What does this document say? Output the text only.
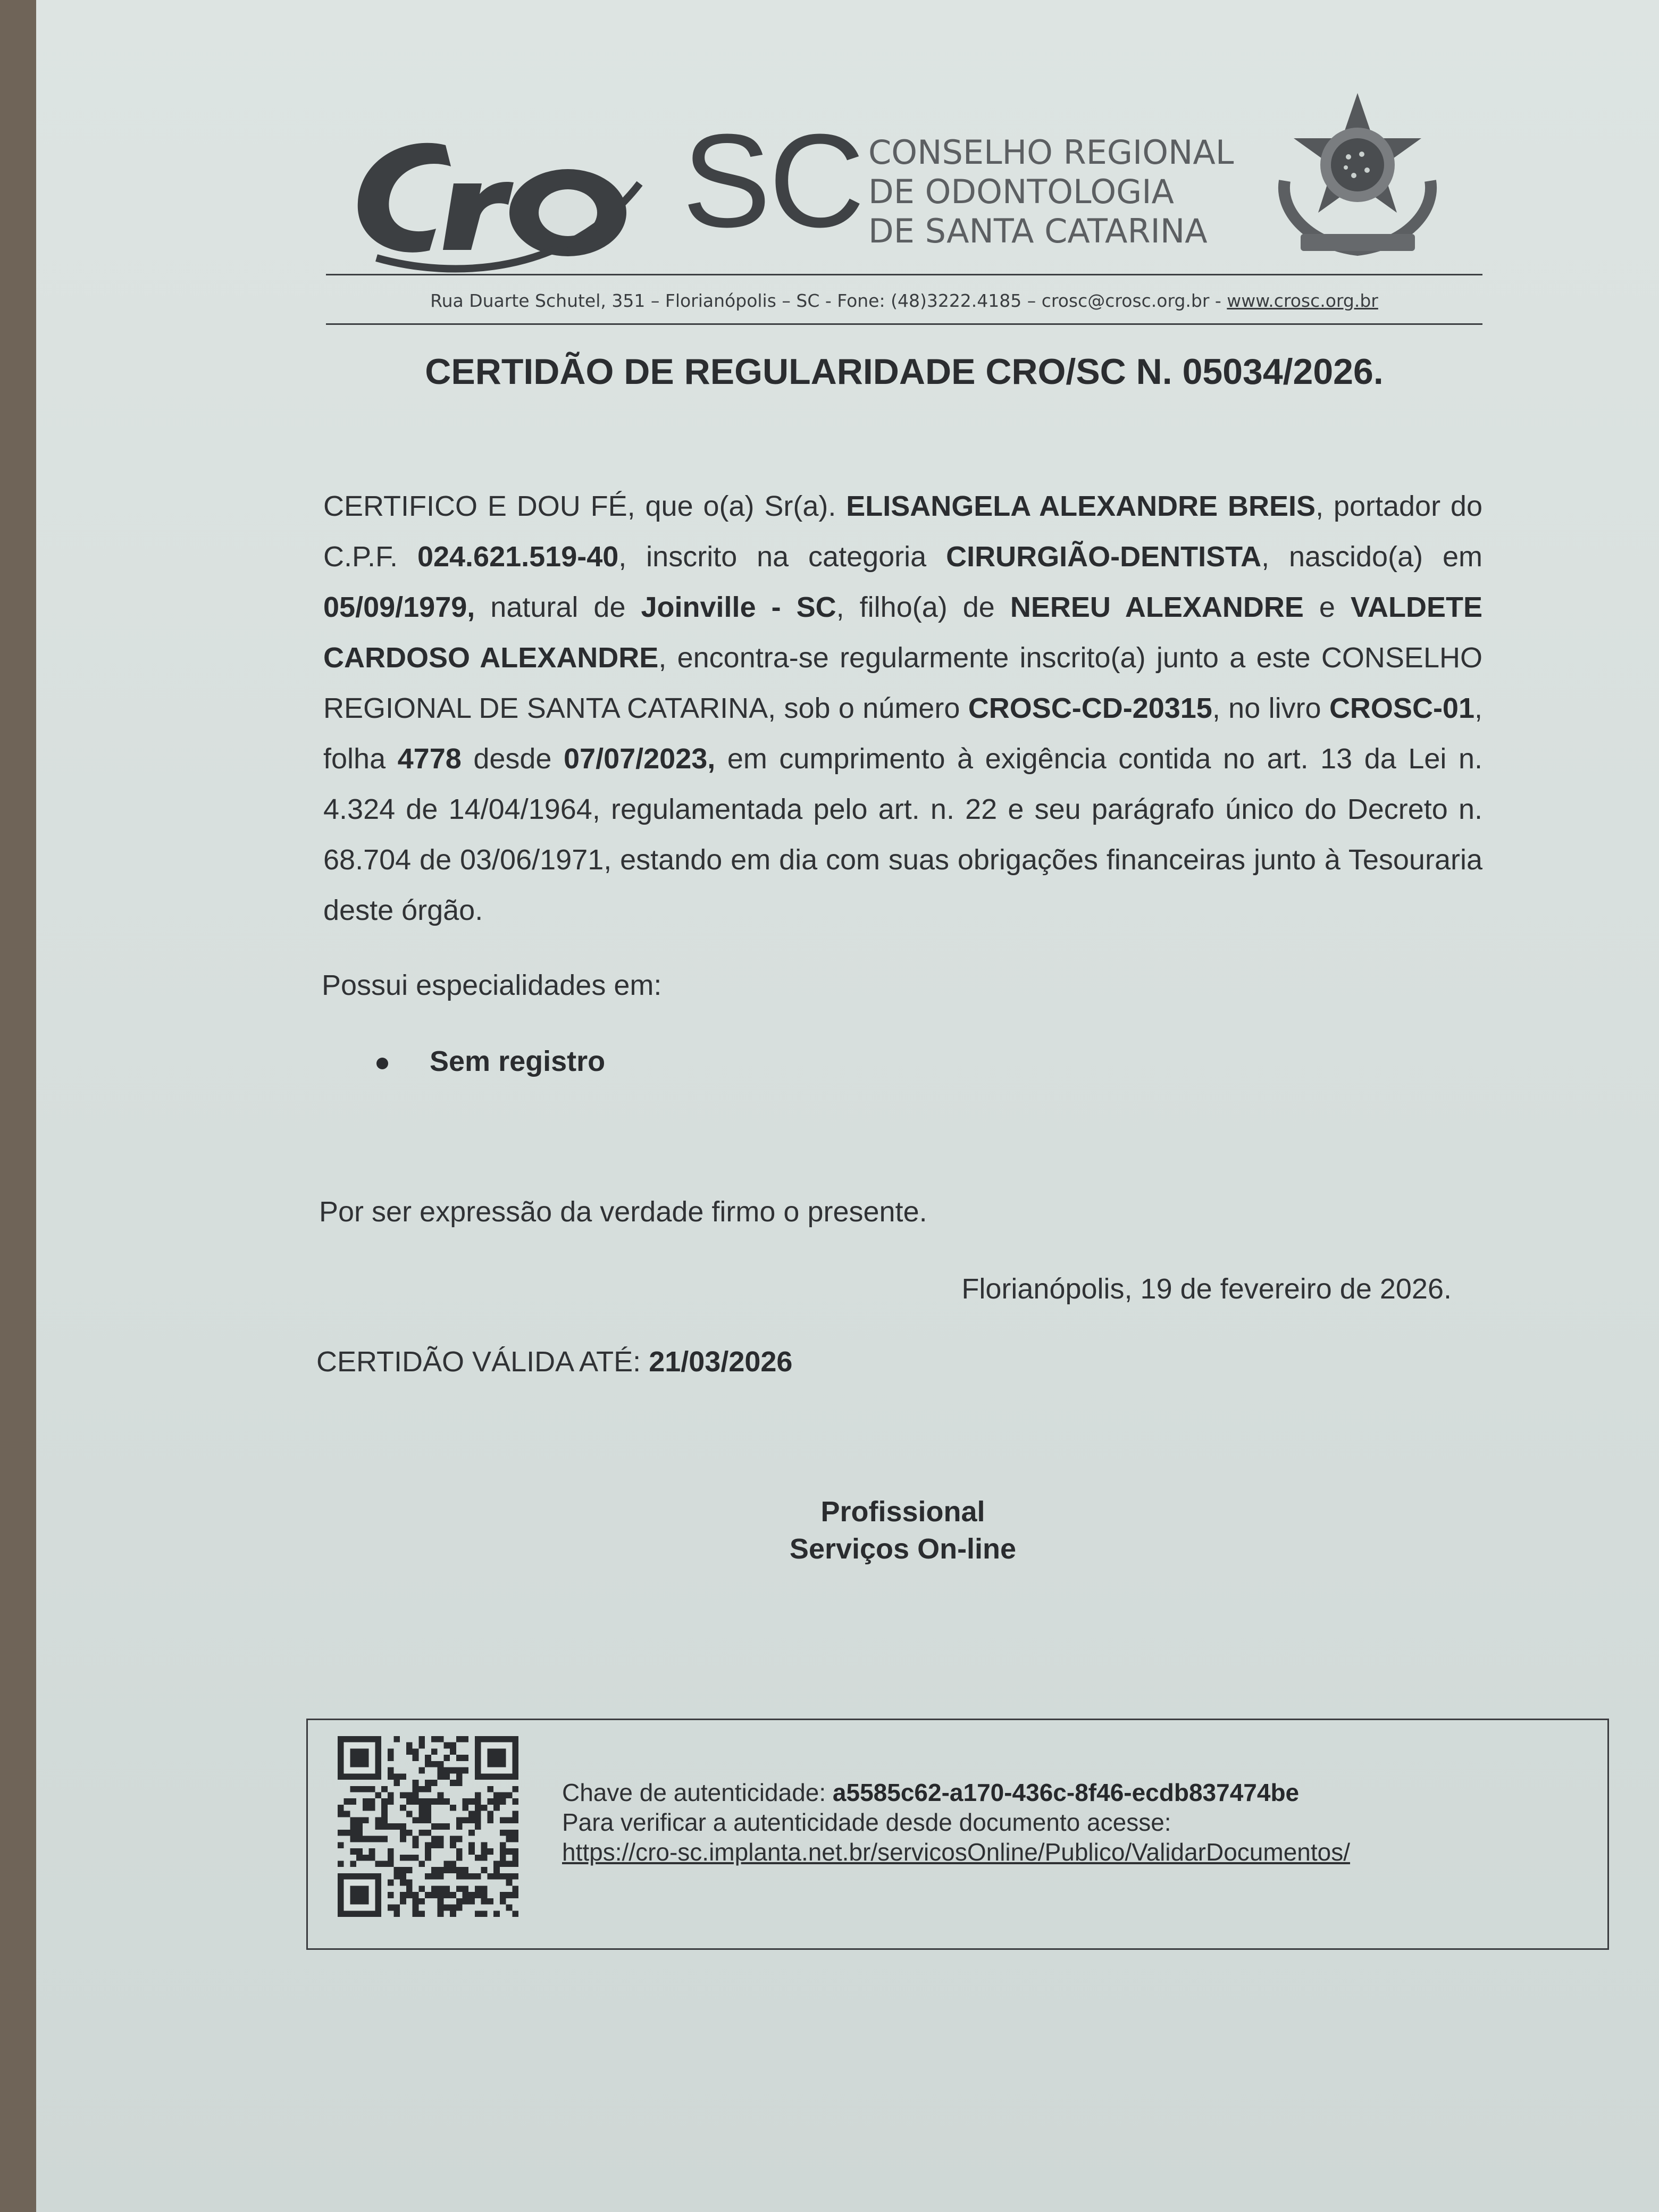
SC CONSELHO REGIONAL
DE ODONTOLOGIA
DE SANTA CATARINA

Rua Duarte Schutel, 351 – Florianópolis – SC - Fone: (48)3222.4185 – crosc@crosc.org.br - www.crosc.org.br

CERTIDÃO DE REGULARIDADE CRO/SC N. 05034/2026.

CERTIFICO E DOU FÉ, que o(a) Sr(a). ELISANGELA ALEXANDRE BREIS, portador do C.P.F. 024.621.519-40, inscrito na categoria CIRURGIÃO-DENTISTA, nascido(a) em 05/09/1979, natural de Joinville - SC, filho(a) de NEREU ALEXANDRE e VALDETE CARDOSO ALEXANDRE, encontra-se regularmente inscrito(a) junto a este CONSELHO REGIONAL DE SANTA CATARINA, sob o número CROSC-CD-20315, no livro CROSC-01, folha 4778 desde 07/07/2023, em cumprimento à exigência contida no art. 13 da Lei n. 4.324 de 14/04/1964, regulamentada pelo art. n. 22 e seu parágrafo único do Decreto n. 68.704 de 03/06/1971, estando em dia com suas obrigações financeiras junto à Tesouraria deste órgão.

Possui especialidades em:

Sem registro

Por ser expressão da verdade firmo o presente.

Florianópolis, 19 de fevereiro de 2026.

CERTIDÃO VÁLIDA ATÉ: 21/03/2026

Profissional
Serviços On-line

Chave de autenticidade: a5585c62-a170-436c-8f46-ecdb837474be
Para verificar a autenticidade desde documento acesse:
https://cro-sc.implanta.net.br/servicosOnline/Publico/ValidarDocumentos/
